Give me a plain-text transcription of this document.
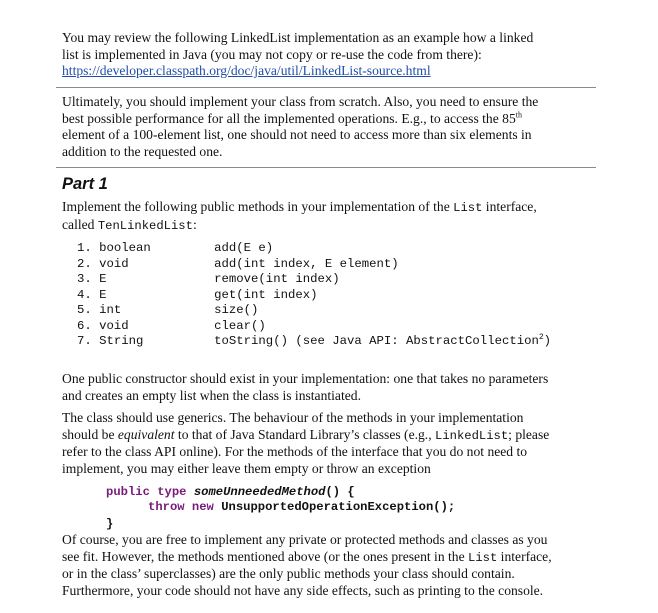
You may review the following LinkedList implementation as an example how a linked
list is implemented in Java (you may not copy or re-use the code from there):
https://developer.classpath.org/doc/java/util/LinkedList-source.html
Ultimately, you should implement your class from scratch. Also, you need to ensure the
best possible performance for all the implemented operations. E.g., to access the 85th
element of a 100-element list, one should not need to access more than six elements in
addition to the requested one.
Part 1
Implement the following public methods in your implementation of the List interface,
called TenLinkedList:
1. boolean	add(E e)
2. void	add(int index, E element)
3. E	remove(int index)
4. E	get(int index)
5. int	size()
6. void	clear()
7. String	toString() (see Java API: AbstractCollection$^2$)
One public constructor should exist in your implementation: one that takes no parameters
and creates an empty list when the class is instantiated.
The class should use generics. The behaviour of the methods in your implementation
should be equivalent to that of Java Standard Library’s classes (e.g., LinkedList; please
refer to the class API online). For the methods of the interface that you do not need to
implement, you may either leave them empty or throw an exception
public type someUnneededMethod() {
throw new UnsupportedOperationException();
}
Of course, you are free to implement any private or protected methods and classes as you
see fit. However, the methods mentioned above (or the ones present in the List interface,
or in the class’ superclasses) are the only public methods your class should contain.
Furthermore, your code should not have any side effects, such as printing to the console.
